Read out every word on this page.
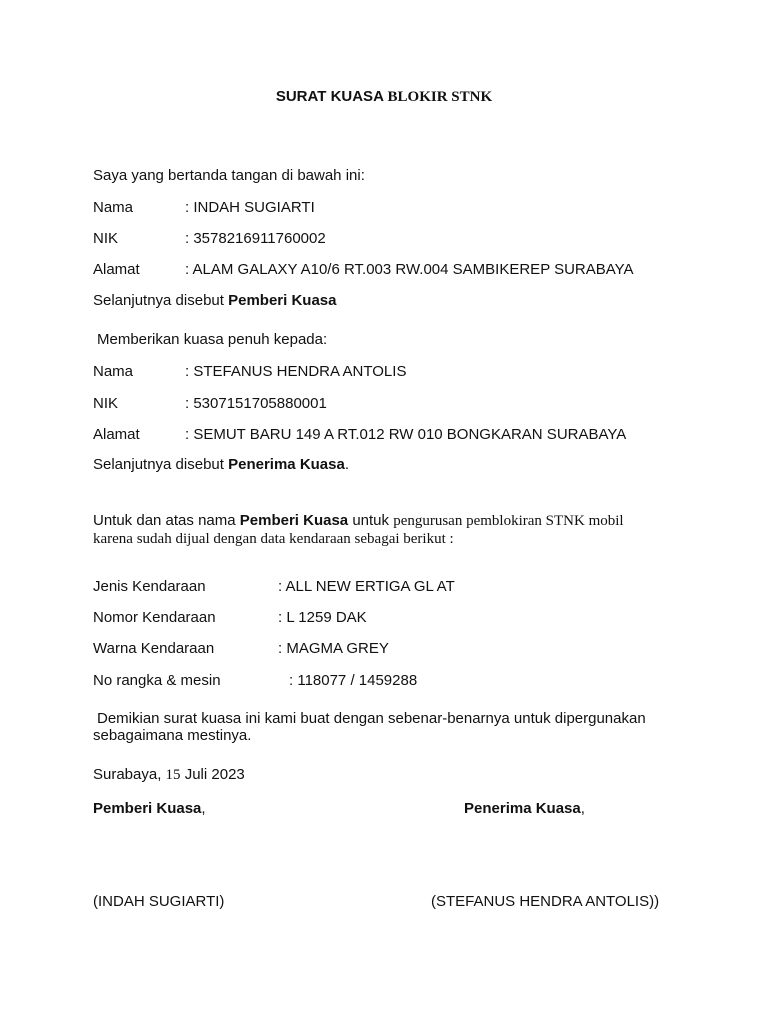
SURAT KUASA BLOKIR STNK
Saya yang bertanda tangan di bawah ini:
Nama	: INDAH SUGIARTI
NIK	: 3578216911760002
Alamat	: ALAM GALAXY A10/6 RT.003 RW.004 SAMBIKEREP SURABAYA
Selanjutnya disebut Pemberi Kuasa
Memberikan kuasa penuh kepada:
Nama	: STEFANUS HENDRA ANTOLIS
NIK	: 5307151705880001
Alamat	: SEMUT BARU 149 A RT.012 RW 010 BONGKARAN SURABAYA
Selanjutnya disebut Penerima Kuasa.
Untuk dan atas nama Pemberi Kuasa untuk pengurusan pemblokiran STNK mobil
karena sudah dijual dengan data kendaraan sebagai berikut :
Jenis Kendaraan	: ALL NEW ERTIGA GL AT
Nomor Kendaraan	: L 1259 DAK
Warna Kendaraan	: MAGMA GREY
No rangka & mesin	: 118077 / 1459288
Demikian surat kuasa ini kami buat dengan sebenar-benarnya untuk dipergunakan
sebagaimana mestinya.
Surabaya, 15 Juli 2023
Pemberi Kuasa,	Penerima Kuasa,
(INDAH SUGIARTI)	(STEFANUS HENDRA ANTOLIS))
